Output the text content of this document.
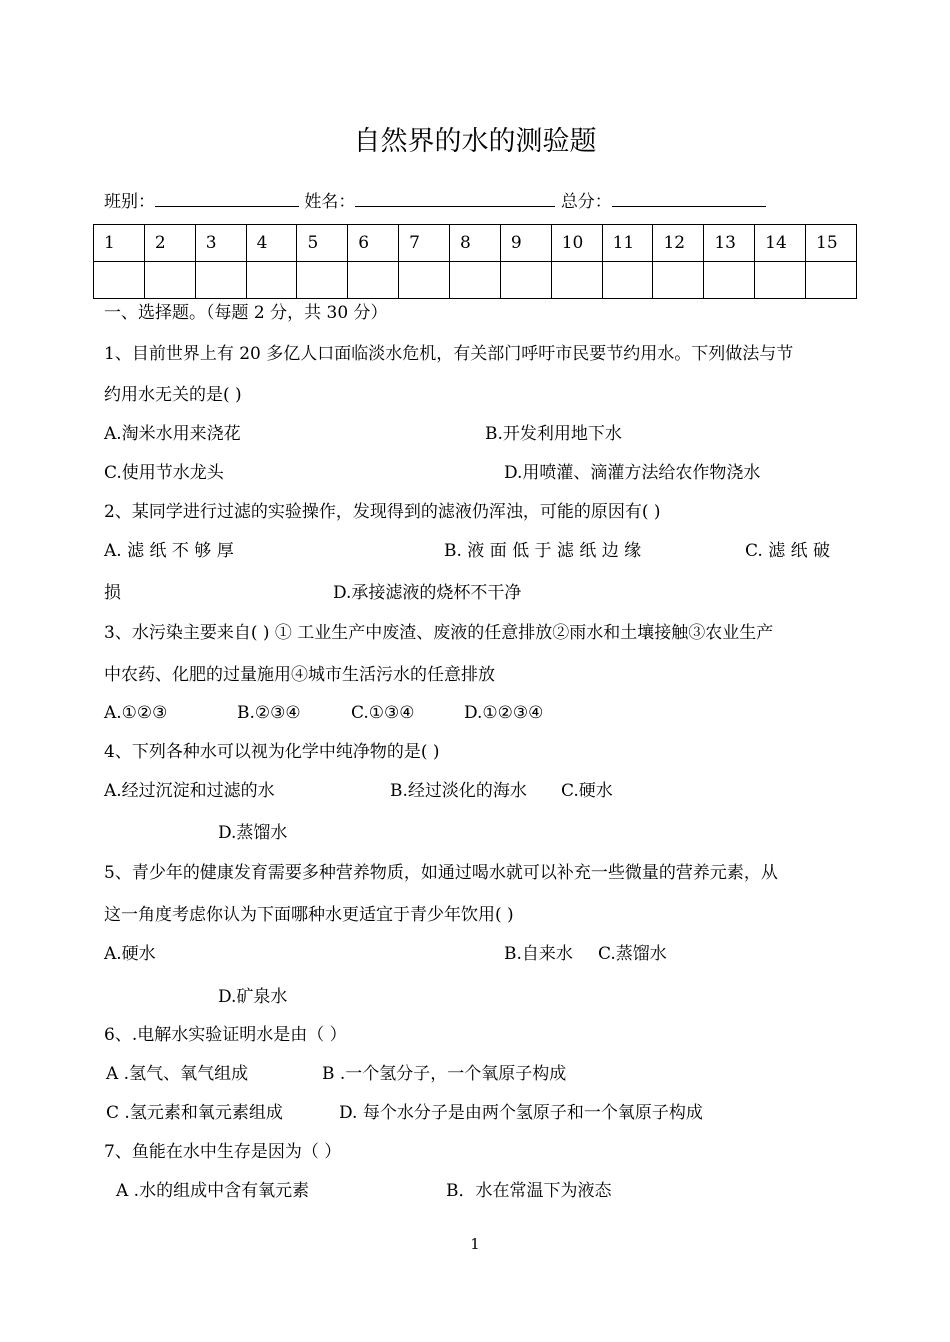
自然界的水的测验题
班别：	姓名：	总分：
1	2	3	4	5	6	7	8	9	10	11	12	13	14	15

一、选择题。（每题 2 分，共 30 分）
1、目前世界上有 20 多亿人口面临淡水危机，有关部门呼吁市民要节约用水。下列做法与节
约用水无关的是( )
A.淘米水用来浇花	B.开发利用地下水
C.使用节水龙头	D.用喷灌、滴灌方法给农作物浇水
2、某同学进行过滤的实验操作，发现得到的滤液仍浑浊，可能的原因有( )
A. 滤 纸 不 够 厚	B. 液 面 低 于 滤 纸 边 缘	C. 滤 纸 破
损	D.承接滤液的烧杯不干净
3、水污染主要来自( ) ① 工业生产中废渣、废液的任意排放②雨水和土壤接触③农业生产
中农药、化肥的过量施用④城市生活污水的任意排放
A.①②③	B.②③④	C.①③④	D.①②③④
4、下列各种水可以视为化学中纯净物的是( )
A.经过沉淀和过滤的水	B.经过淡化的海水 C.硬水
D.蒸馏水
5、青少年的健康发育需要多种营养物质，如通过喝水就可以补充一些微量的营养元素，从
这一角度考虑你认为下面哪种水更适宜于青少年饮用( )
A.硬水	B.自来水 C.蒸馏水
D.矿泉水
6、.电解水实验证明水是由（ ）
A .氢气、氧气组成	B .一个氢分子，一个氧原子构成
C .氢元素和氧元素组成	D. 每个水分子是由两个氢原子和一个氧原子构成
7、鱼能在水中生存是因为（ ）
A .水的组成中含有氧元素	B．水在常温下为液态
1
